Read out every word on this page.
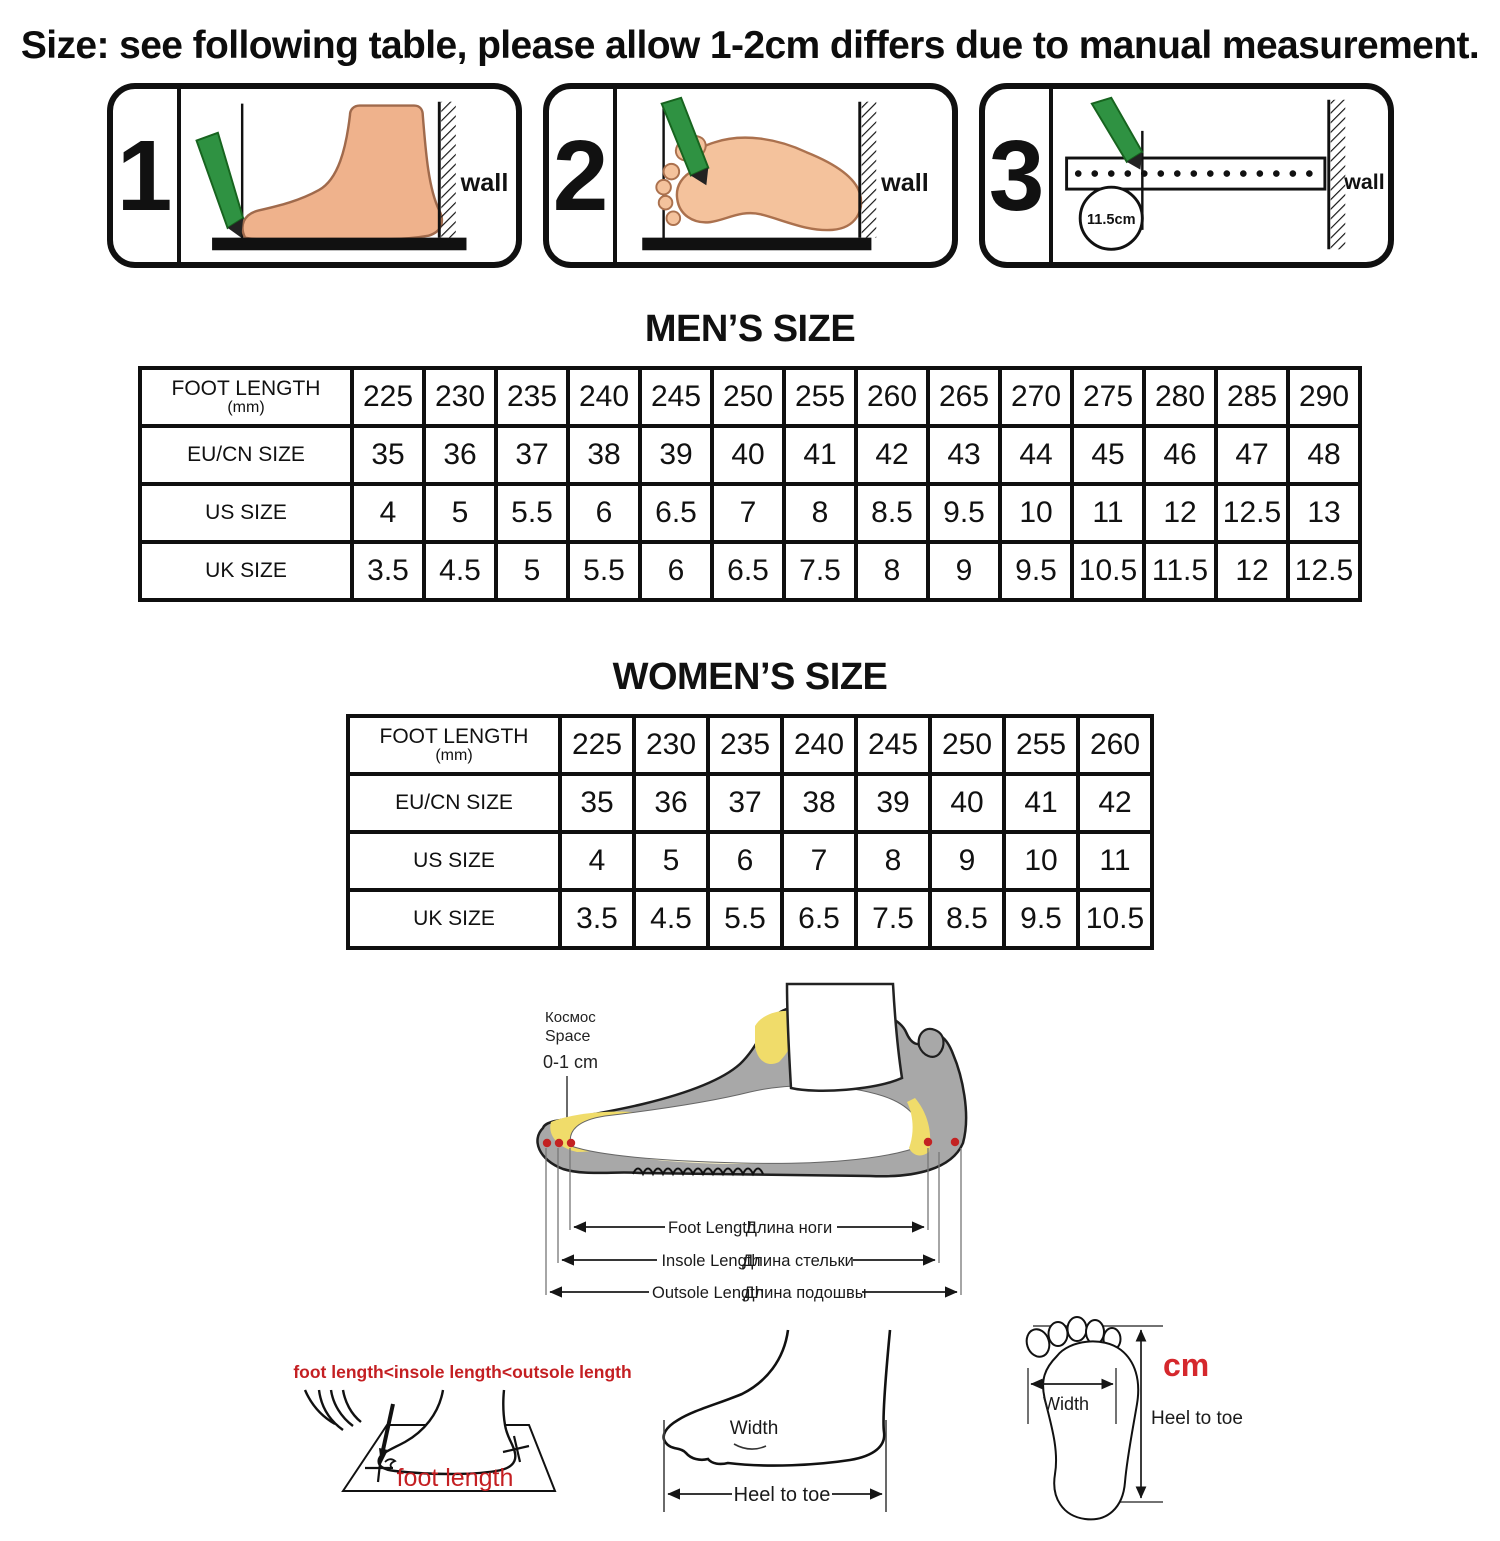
Size: see following table, please allow 1-2cm differs due to manual measurement.
1	wall 2	wall 3	11.5cm
wall
MEN’S SIZE
FOOT LENGTH
(mm)	225	230	235	240	245	250	255	260	265	270	275	280	285	290
EU/CN SIZE	35	36	37	38	39	40	41	42	43	44	45	46	47	48
US SIZE	4	5	5.5	6	6.5	7	8	8.5	9.5	10	11	12	12.5	13
UK SIZE	3.5	4.5	5	5.5	6	6.5	7.5	8	9	9.5	10.5	11.5	12	12.5
WOMEN’S SIZE
FOOT LENGTH
(mm)	225	230	235	240	245	250	255	260
EU/CN SIZE	35	36	37	38	39	40	41	42
US SIZE	4	5	6	7	8	9	10	11
UK SIZE	3.5	4.5	5.5	6.5	7.5	8.5	9.5	10.5
Космос
Space
0-1 cm
Foot Length
Длина ноги
Insole Length
Длина стельки
Outsole Length
Длина подошвы
foot length<insole length<outsole length
foot length
Width
Heel to toe
Width
cm
Heel to toe
